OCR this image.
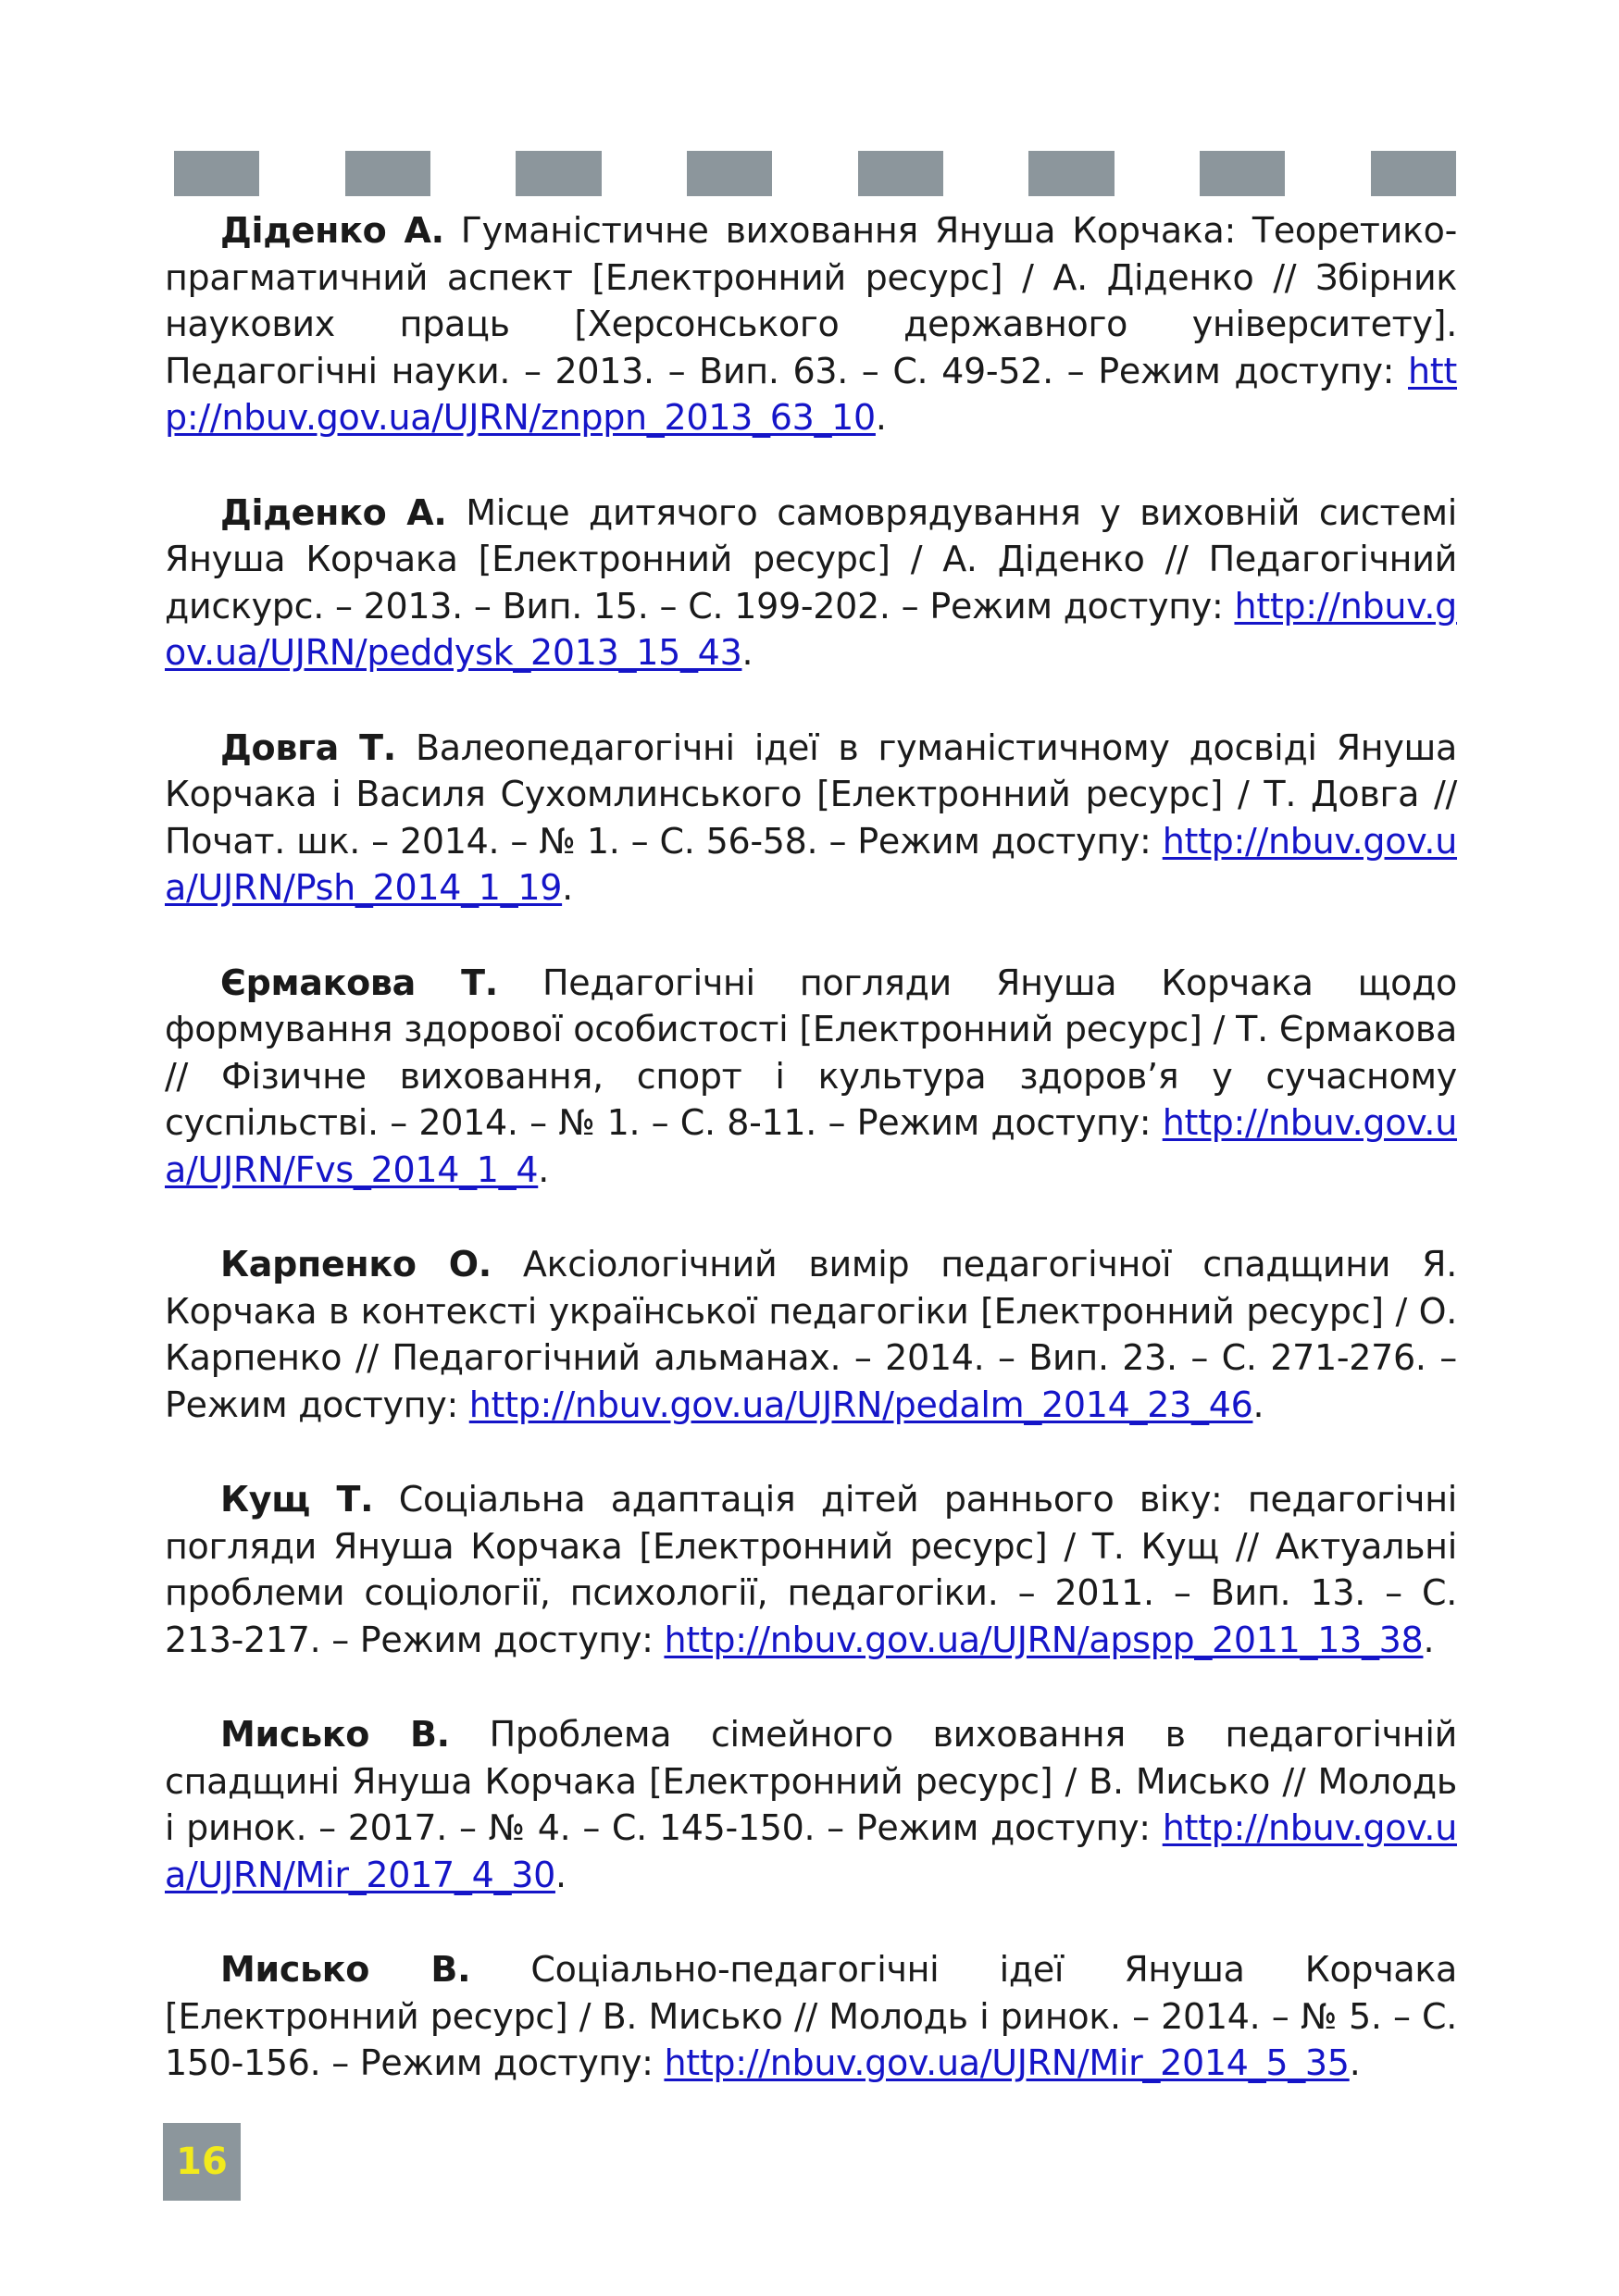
Діденко А. Гуманістичне виховання Януша Корчака: Теоретико-прагматичний аспект [Електронний ресурс] / А. Діденко // Збірник наукових праць [Херсонського державного університету]. Педагогічні науки. – 2013. – Вип. 63. – С. 49-52. – Режим доступу: http://nbuv.gov.ua/UJRN/znppn_2013_63_10.

Діденко А. Місце дитячого самоврядування у виховній системі Януша Корчака [Електронний ресурс] / А. Діденко // Педагогічний дискурс. – 2013. – Вип. 15. – С. 199-202. – Режим доступу: http://nbuv.gov.ua/UJRN/peddysk_2013_15_43.

Довга Т. Валеопедагогічні ідеї в гуманістичному досвіді Януша Корчака і Василя Сухомлинського [Електронний ресурс] / Т. Довга // Почат. шк. – 2014. – № 1. – С. 56-58. – Режим доступу: http://nbuv.gov.ua/UJRN/Psh_2014_1_19.

Єрмакова Т. Педагогічні погляди Януша Корчака щодо формування здорової особистості [Електронний ресурс] / Т. Єрмакова // Фізичне виховання, спорт і культура здоров’я у сучасному суспільстві. – 2014. – № 1. – С. 8-11. – Режим доступу: http://nbuv.gov.ua/UJRN/Fvs_2014_1_4.

Карпенко О. Аксіологічний вимір педагогічної спадщини Я. Корчака в контексті української педагогіки [Електронний ресурс] / О. Карпенко // Педагогічний альманах. – 2014. – Вип. 23. – С. 271-276. – Режим доступу: http://nbuv.gov.ua/UJRN/pedalm_2014_23_46.

Кущ Т. Соціальна адаптація дітей раннього віку: педагогічні погляди Януша Корчака [Електронний ресурс] / Т. Кущ // Актуальні проблеми соціології, психології, педагогіки. – 2011. – Вип. 13. – С. 213-217. – Режим доступу: http://nbuv.gov.ua/UJRN/apspp_2011_13_38.

Мисько В. Проблема сімейного виховання в педагогічній спадщині Януша Корчака [Електронний ресурс] / В. Мисько // Молодь і ринок. – 2017. – № 4. – С. 145-150. – Режим доступу: http://nbuv.gov.ua/UJRN/Mir_2017_4_30.

Мисько В. Соціально-педагогічні ідеї Януша Корчака [Електронний ресурс] / В. Мисько // Молодь і ринок. – 2014. – № 5. – С. 150-156. – Режим доступу: http://nbuv.gov.ua/UJRN/Mir_2014_5_35.

16
